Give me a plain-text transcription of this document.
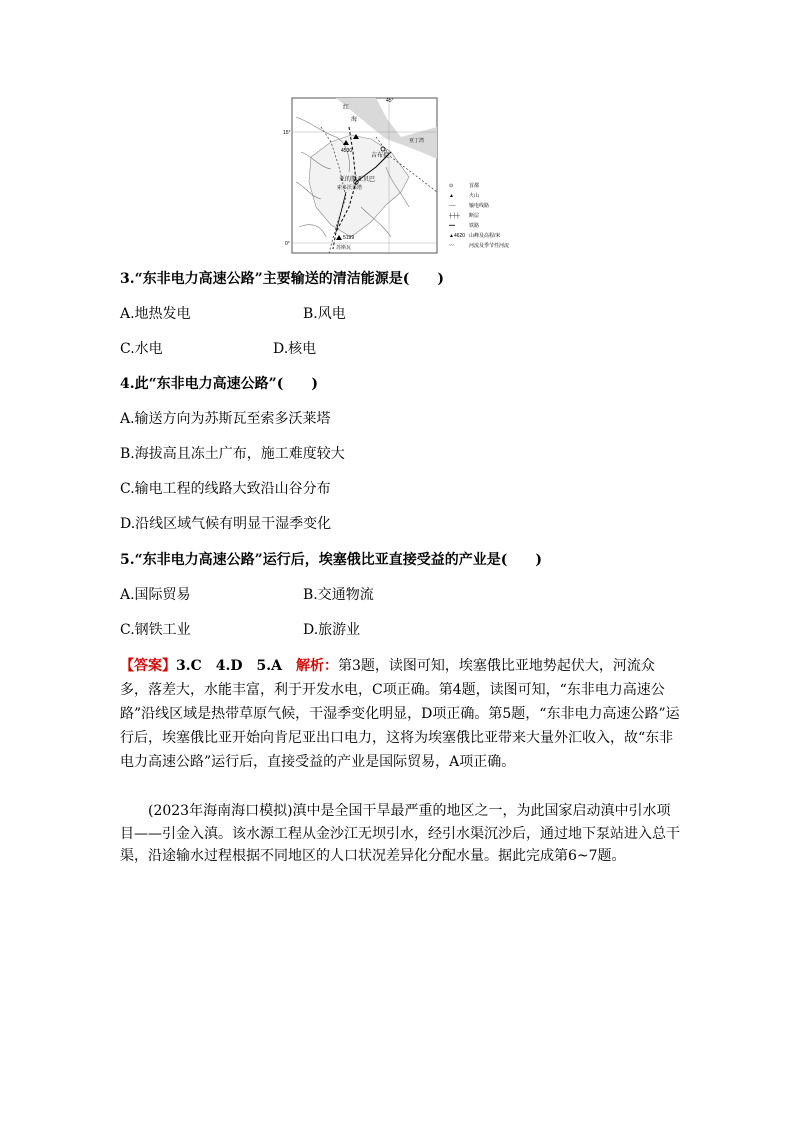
红
海
亚丁湾
45°
15°
0°
吉布提
亚的斯亚贝巴
索多沃莱塔
4530
5199
苏斯瓦
⊙	首都
▲	火山
----	输电线路
┼┼┼ 断层
━━	铁路
▲4620 山峰及高程/米
〰	河流及季节性河流
3.“东非电力高速公路”主要输送的清洁能源是(　　)
A.地热发电	B.风电
C.水电	D.核电
4.此“东非电力高速公路”(　　)
A.输送方向为苏斯瓦至索多沃莱塔
B.海拔高且冻土广布，施工难度较大
C.输电工程的线路大致沿山谷分布
D.沿线区域气候有明显干湿季变化
5.“东非电力高速公路”运行后，埃塞俄比亚直接受益的产业是(　　)
A.国际贸易	B.交通物流
C.钢铁工业	D.旅游业
【答案】3.C　4.D　5.A　解析：第3题，读图可知，埃塞俄比亚地势起伏大，河流众多，落差大，水能丰富，利于开发水电，C项正确。第4题，读图可知，“东非电力高速公路”沿线区域是热带草原气候，干湿季变化明显，D项正确。第5题，“东非电力高速公路”运行后，埃塞俄比亚开始向肯尼亚出口电力，这将为埃塞俄比亚带来大量外汇收入，故“东非电力高速公路”运行后，直接受益的产业是国际贸易，A项正确。
(2023年海南海口模拟)滇中是全国干旱最严重的地区之一，为此国家启动滇中引水项目——引金入滇。该水源工程从金沙江无坝引水，经引水渠沉沙后，通过地下泵站进入总干渠，沿途输水过程根据不同地区的人口状况差异化分配水量。据此完成第6~7题。
